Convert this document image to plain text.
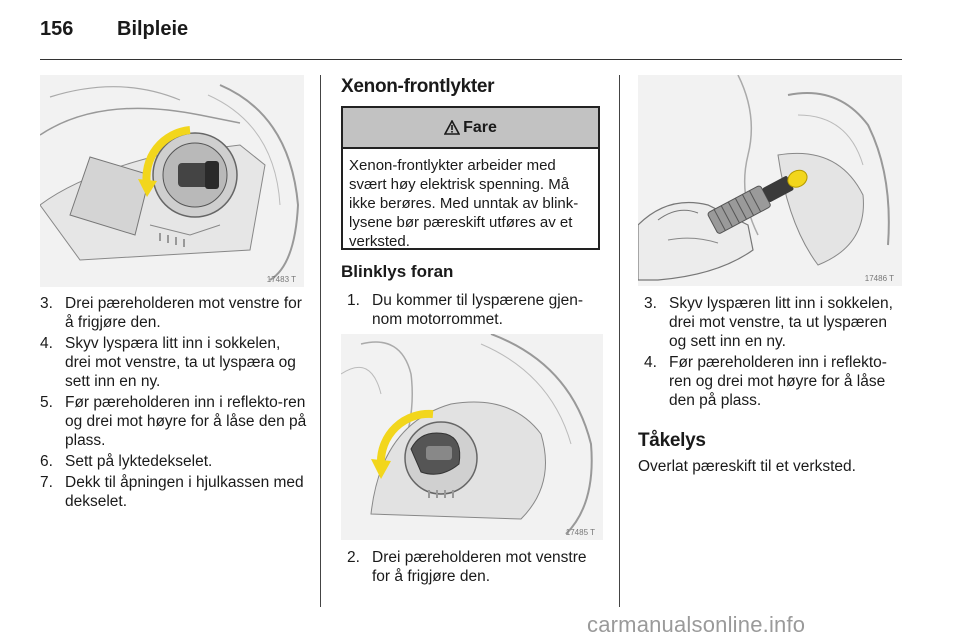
156 Bilpleie
17483 T
3. Drei pæreholderen mot venstre for å frigjøre den.
4. Skyv lyspæra litt inn i sokkelen, drei mot venstre, ta ut lyspæra og sett inn en ny.
5. Før pæreholderen inn i reflekto-ren og drei mot høyre for å låse den på plass.
6. Sett på lyktedekselet.
7. Dekk til åpningen i hjulkassen med dekselet.
Xenon-frontlykter
Fare
Xenon-frontlykter arbeider med svært høy elektrisk spenning. Må ikke berøres. Med unntak av blink-lysene bør pæreskift utføres av et verksted.
Blinklys foran
1. Du kommer til lyspærene gjen-nom motorrommet.
17485 T
2. Drei pæreholderen mot venstre for å frigjøre den.
17486 T
3. Skyv lyspæren litt inn i sokkelen, drei mot venstre, ta ut lyspæren og sett inn en ny.
4. Før pæreholderen inn i reflekto-ren og drei mot høyre for å låse den på plass.
Tåkelys
Overlat pæreskift til et verksted.
carmanualsonline.info
